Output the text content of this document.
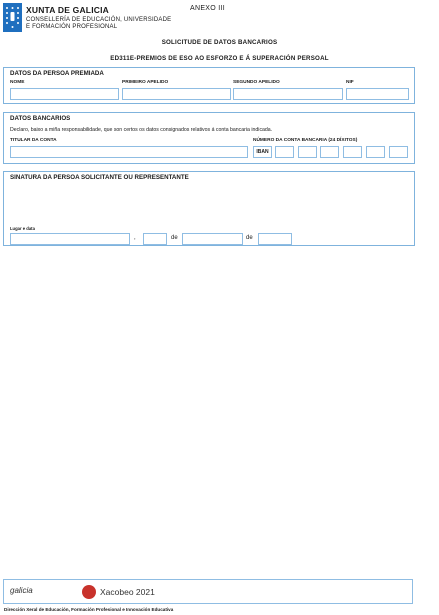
XUNTA DE GALICIA
CONSELLERÍA DE EDUCACIÓN, UNIVERSIDADE
E FORMACIÓN PROFESIONAL
ANEXO III
SOLICITUDE DE DATOS BANCARIOS
ED311E-PREMIOS DE ESO AO ESFORZO E Á SUPERACIÓN PERSOAL
DATOS DA PERSOA PREMIADA
NOME	PRIMEIRO APELIDO	SEGUNDO APELIDO	NIF
DATOS BANCARIOS
Declaro, baixo a miña responsabilidade, que son certos os datos consignados relativos á conta bancaria indicada.
TITULAR DA CONTA	NÚMERO DA CONTA BANCARIA (24 DÍXITOS)
IBAN
SINATURA DA PERSOA SOLICITANTE OU REPRESENTANTE
Lugar e data
,	de	de
galicia	Xacobeo 2021
Dirección Xeral de Educación, Formación Profesional e Innovación Educativa
